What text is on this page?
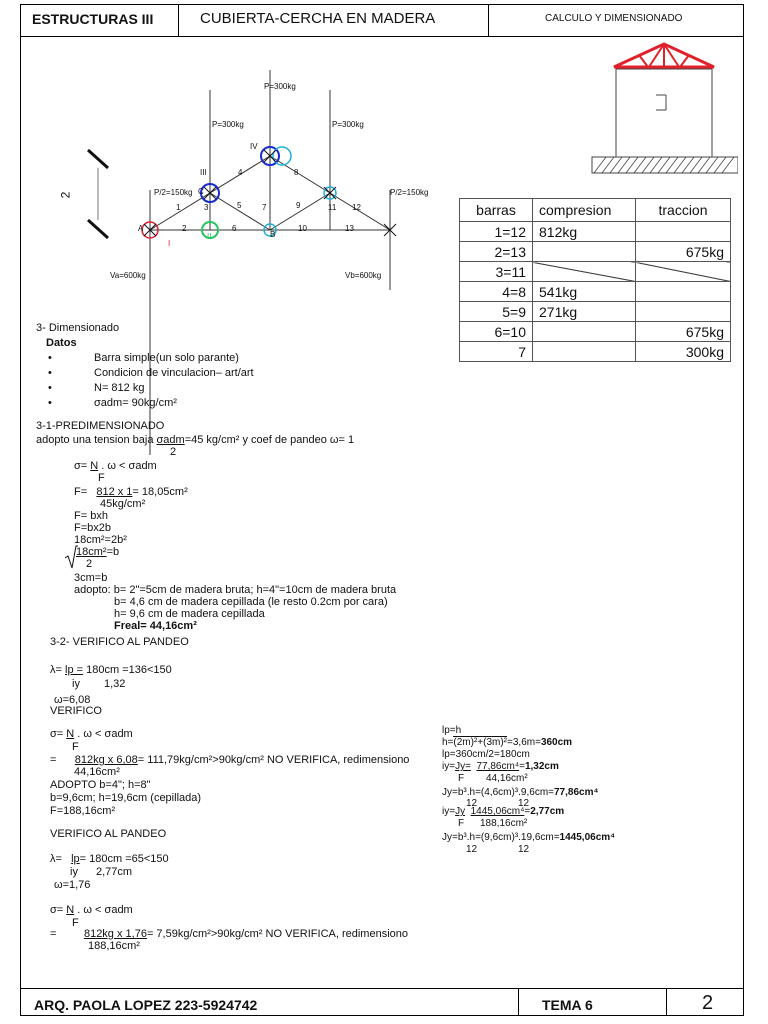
ESTRUCTURAS III	CUBIERTA-CERCHA EN MADERA	CALCULO Y DIMENSIONADO
ARQ. PAOLA LOPEZ 223-5924742	TEMA 6	2
P=300kg
P=300kg	P=300kg
P/2=150kg	P/2=150kg
Va=600kg	Vb=600kg
2
A
C
I
II
III
IV
B
1
2
3
4
5
6
7
8
9
10
11 12
13
barras	compresion	traccion
1=12	812kg	
2=13		675kg
3=11		
4=8	541kg	
5=9	271kg	
6=10		675kg
7		300kg
3- Dimensionado
Datos
• Barra simple(un solo parante)
• Condicion de vinculacion– art/art
• N= 812 kg
• σadm= 90kg/cm²
3-1-PREDIMENSIONADO
adopto una tension baja σadm=45 kg/cm² y coef de pandeo ω= 1
2
σ= N . ω < σadm
F
F= 812 x 1= 18,05cm²
45kg/cm²
F= bxh
F=bx2b
18cm²=2b²
18cm²=b
2
3cm=b
adopto: b= 2"=5cm de madera bruta; h=4"=10cm de madera bruta
b= 4,6 cm de madera cepillada (le resto 0.2cm por cara)
h= 9,6 cm de madera cepillada
Freal= 44,16cm²
3-2- VERIFICO AL PANDEO
λ= lp = 180cm =136<150
iy 1,32
ω=6,08
VERIFICO
σ= N . ω < σadm
F
= 812kg x 6,08= 111,79kg/cm²>90kg/cm² NO VERIFICA, redimensiono
44,16cm²
ADOPTO b=4"; h=8"
b=9,6cm; h=19,6cm (cepillada)
F=188,16cm²
VERIFICO AL PANDEO
λ= lp= 180cm =65<150
iy 2,77cm
ω=1,76
σ= N . ω < σadm
F
=	812kg x 1,76= 7,59kg/cm²>90kg/cm² NO VERIFICA, redimensiono
188,16cm²
lp=h
h=(2m)²+(3m)²=3,6m=360cm
lp=360cm/2=180cm
iy=Jy= 77,86cm⁴=1,32cm
F 44,16cm²
Jy=b³.h=(4,6cm)³.9,6cm=77,86cm⁴
12	12
iy=Jy 1445,06cm⁴=2,77cm
F 188,16cm²
Jy=b³.h=(9,6cm)³.19,6cm=1445,06cm⁴
12	12
